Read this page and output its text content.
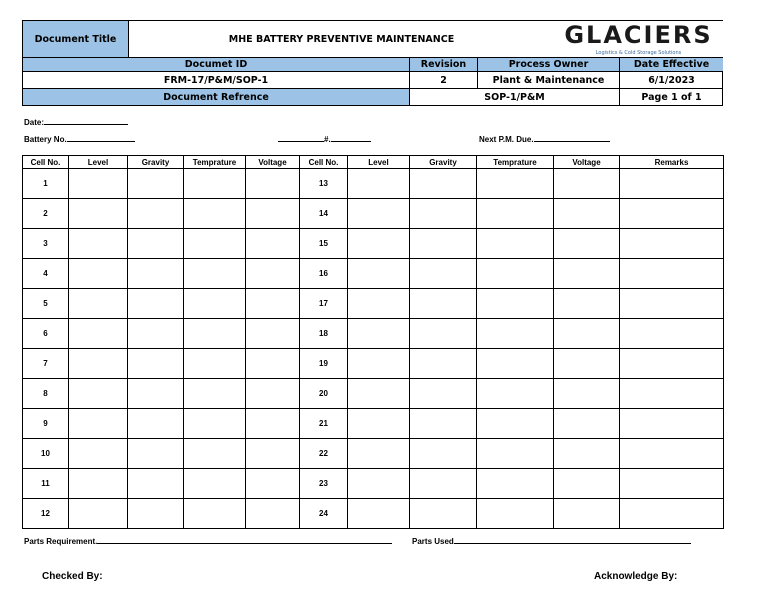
Document Title	MHE BATTERY PREVENTIVE MAINTENANCE	GLACIERS
Logistics & Cold Storage Solutions
Documet ID	Revision	Process Owner	Date Effective
FRM-17/P&M/SOP-1	2	Plant & Maintenance	6/1/2023
Document Refrence	SOP-1/P&M	Page 1 of 1
Date:
Battery No.	#.	Next P.M. Due.
Cell No.	Level	Gravity	Temprature	Voltage	Cell No.	Level	Gravity	Temprature	Voltage	Remarks
1					13					
2					14					
3					15					
4					16					
5					17					
6					18					
7					19					
8					20					
9					21					
10					22					
11					23					
12					24					
Parts Requirement.	Parts Used
Checked By:	Acknowledge By:
